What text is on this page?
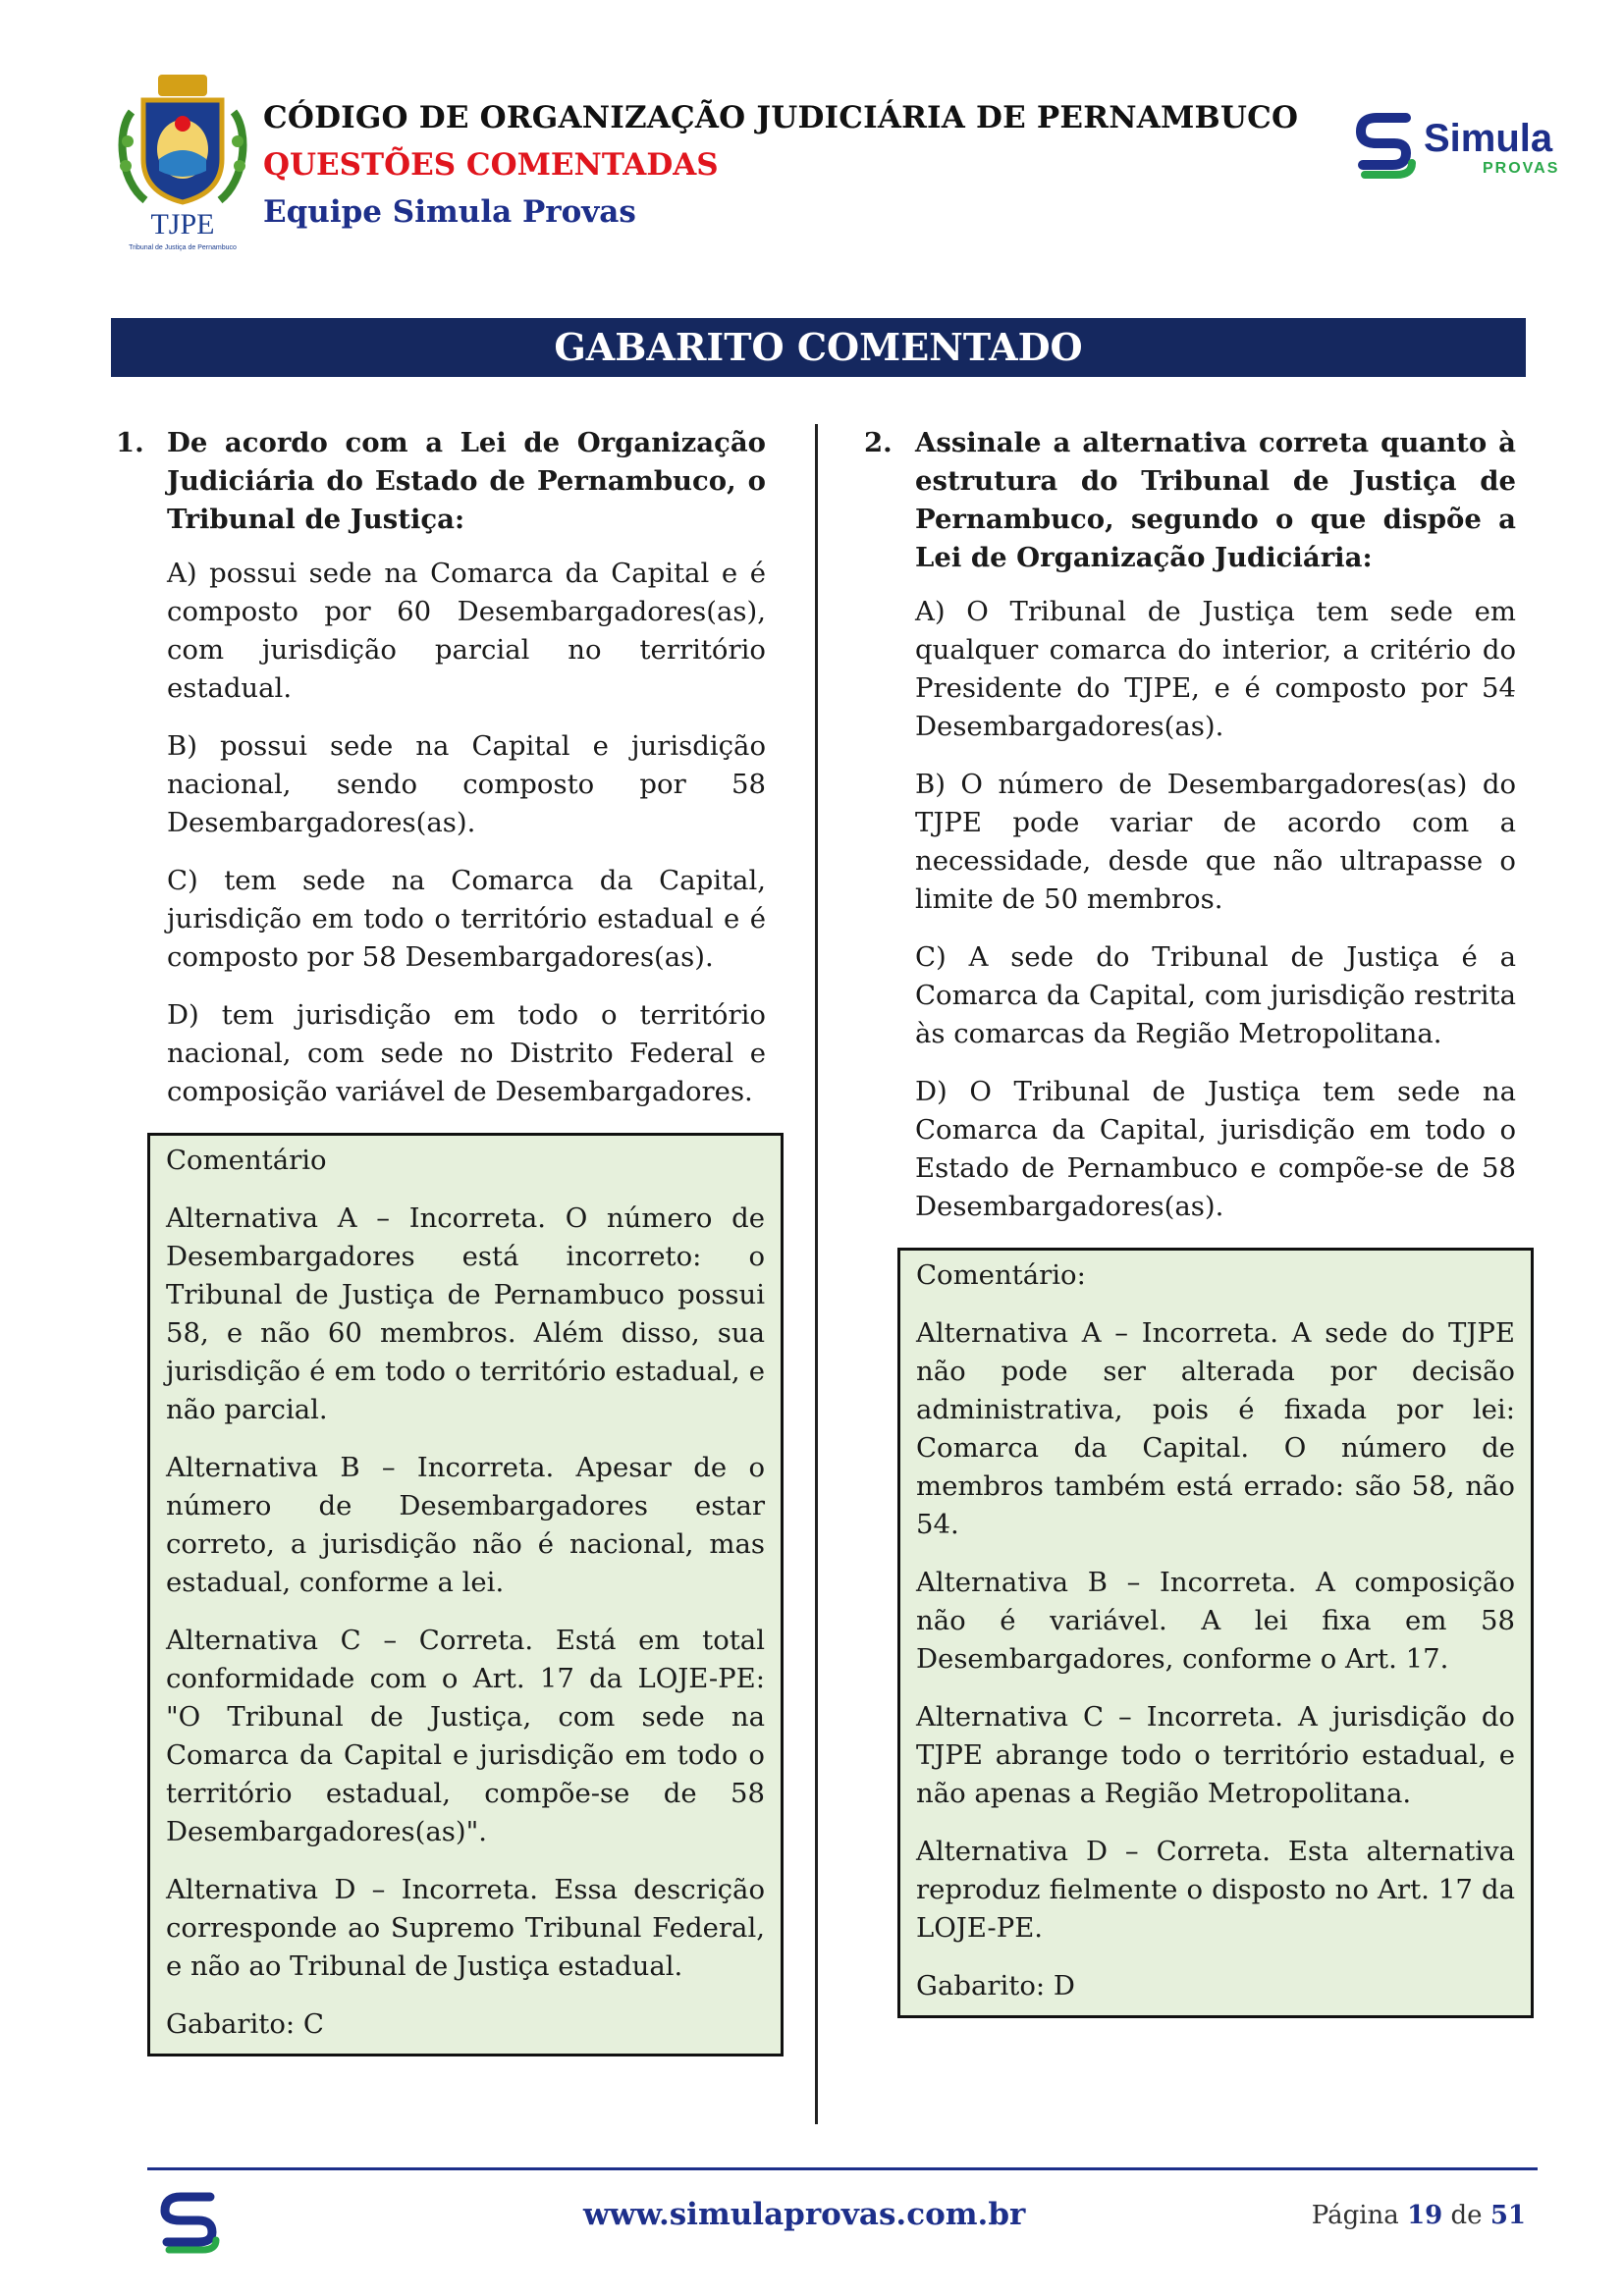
TJPE
Tribunal de Justiça de Pernambuco
CÓDIGO DE ORGANIZAÇÃO JUDICIÁRIA DE PERNAMBUCO
QUESTÕES COMENTADAS
Equipe Simula Provas
Simula
PROVAS
GABARITO COMENTADO
1. De acordo com a Lei de Organização Judiciária do Estado de Pernambuco, o Tribunal de Justiça:
A) possui sede na Comarca da Capital e é composto por 60 Desembargadores(as), com jurisdição parcial no território estadual.
B) possui sede na Capital e jurisdição nacional, sendo composto por 58 Desembargadores(as).
C) tem sede na Comarca da Capital, jurisdição em todo o território estadual e é composto por 58 Desembargadores(as).
D) tem jurisdição em todo o território nacional, com sede no Distrito Federal e composição variável de Desembargadores.
Comentário
Alternativa A – Incorreta. O número de Desembargadores está incorreto: o Tribunal de Justiça de Pernambuco possui 58, e não 60 membros. Além disso, sua jurisdição é em todo o território estadual, e não parcial.
Alternativa B – Incorreta. Apesar de o número de Desembargadores estar correto, a jurisdição não é nacional, mas estadual, conforme a lei.
Alternativa C – Correta. Está em total conformidade com o Art. 17 da LOJE-PE: "O Tribunal de Justiça, com sede na Comarca da Capital e jurisdição em todo o território estadual, compõe-se de 58 Desembargadores(as)".
Alternativa D – Incorreta. Essa descrição corresponde ao Supremo Tribunal Federal, e não ao Tribunal de Justiça estadual.
Gabarito: C
2. Assinale a alternativa correta quanto à estrutura do Tribunal de Justiça de Pernambuco, segundo o que dispõe a Lei de Organização Judiciária:
A) O Tribunal de Justiça tem sede em qualquer comarca do interior, a critério do Presidente do TJPE, e é composto por 54 Desembargadores(as).
B) O número de Desembargadores(as) do TJPE pode variar de acordo com a necessidade, desde que não ultrapasse o limite de 50 membros.
C) A sede do Tribunal de Justiça é a Comarca da Capital, com jurisdição restrita às comarcas da Região Metropolitana.
D) O Tribunal de Justiça tem sede na Comarca da Capital, jurisdição em todo o Estado de Pernambuco e compõe-se de 58 Desembargadores(as).
Comentário:
Alternativa A – Incorreta. A sede do TJPE não pode ser alterada por decisão administrativa, pois é fixada por lei: Comarca da Capital. O número de membros também está errado: são 58, não 54.
Alternativa B – Incorreta. A composição não é variável. A lei fixa em 58 Desembargadores, conforme o Art. 17.
Alternativa C – Incorreta. A jurisdição do TJPE abrange todo o território estadual, e não apenas a Região Metropolitana.
Alternativa D – Correta. Esta alternativa reproduz fielmente o disposto no Art. 17 da LOJE-PE.
Gabarito: D
www.simulaprovas.com.br	Página 19 de 51
